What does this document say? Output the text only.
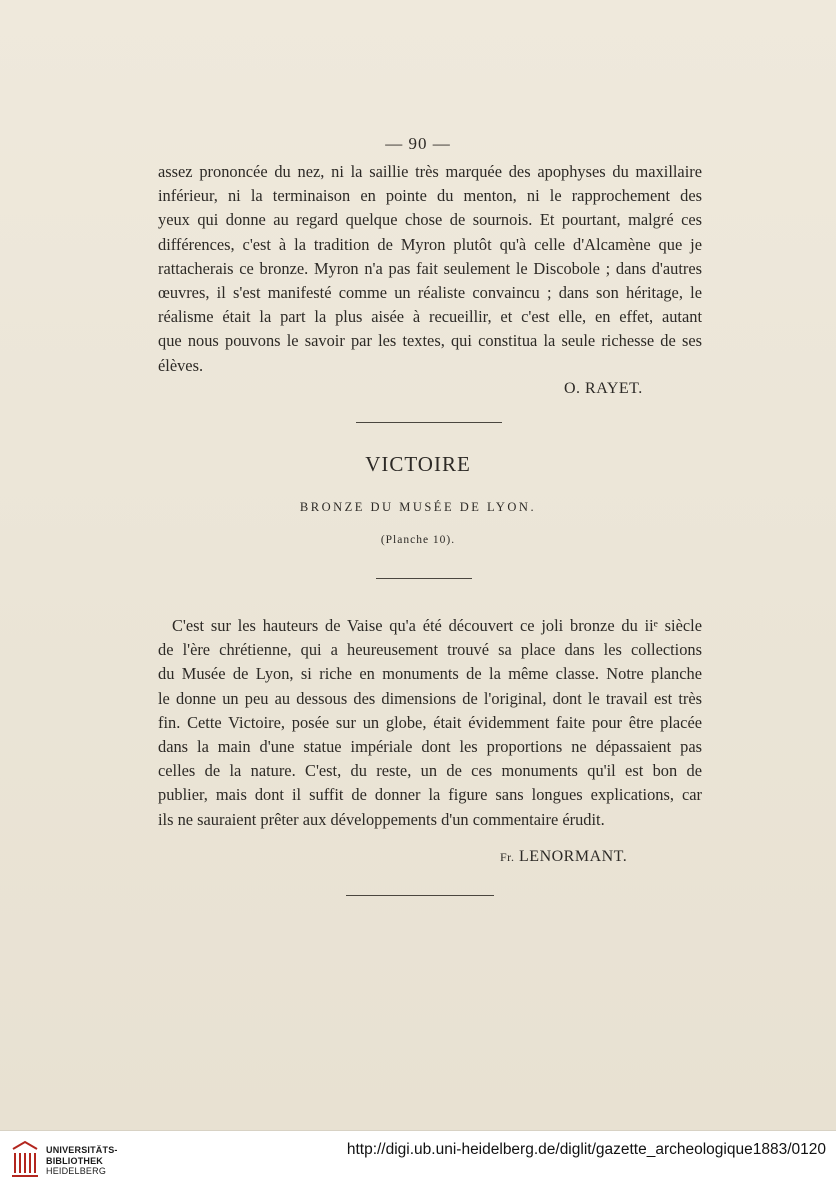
— 90 —
assez prononcée du nez, ni la saillie très marquée des apophyses du maxillaire
inférieur, ni la terminaison en pointe du menton, ni le rapprochement des
yeux qui donne au regard quelque chose de sournois. Et pourtant, malgré ces
différences, c'est à la tradition de Myron plutôt qu'à celle d'Alcamène que je
rattacherais ce bronze. Myron n'a pas fait seulement le Discobole ; dans d'autres
œuvres, il s'est manifesté comme un réaliste convaincu ; dans son héritage, le
réalisme était la part la plus aisée à recueillir, et c'est elle, en effet, autant
que nous pouvons le savoir par les textes, qui constitua la seule richesse de ses
élèves.
O. RAYET.
VICTOIRE
BRONZE DU MUSÉE DE LYON.
(Planche 10).
C'est sur les hauteurs de Vaise qu'a été découvert ce joli bronze du iiᵉ siècle
de l'ère chrétienne, qui a heureusement trouvé sa place dans les collections
du Musée de Lyon, si riche en monuments de la même classe. Notre planche
le donne un peu au dessous des dimensions de l'original, dont le travail est très
fin. Cette Victoire, posée sur un globe, était évidemment faite pour être placée
dans la main d'une statue impériale dont les proportions ne dépassaient pas
celles de la nature. C'est, du reste, un de ces monuments qu'il est bon de
publier, mais dont il suffit de donner la figure sans longues explications, car
ils ne sauraient prêter aux développements d'un commentaire érudit.
Fr. LENORMANT.
UNIVERSITÄTS-
BIBLIOTHEK
HEIDELBERG
http://digi.ub.uni-heidelberg.de/diglit/gazette_archeologique1883/0120
